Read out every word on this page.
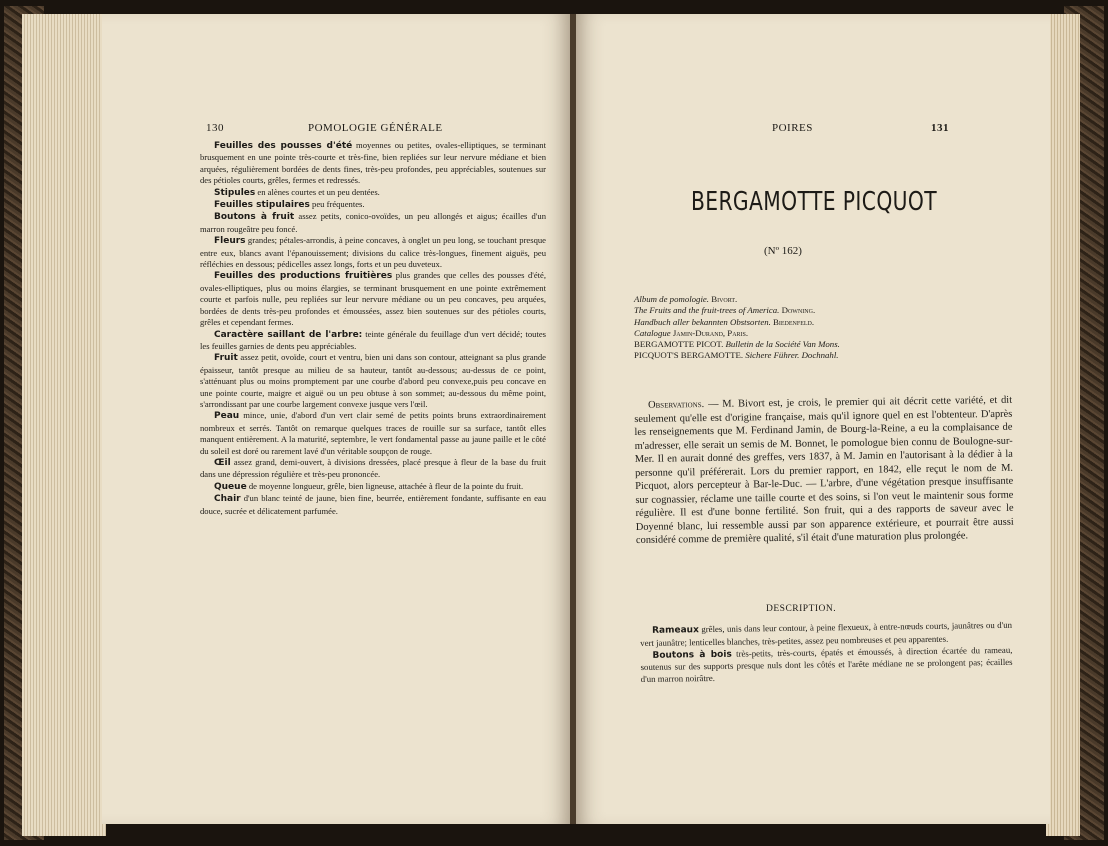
130	POMOLOGIE GÉNÉRALE

Feuilles des pousses d'été moyennes ou petites, ovales-elliptiques, se terminant brusquement en une pointe très-courte et très-fine, bien repliées sur leur nervure médiane et bien arquées, régulièrement bordées de dents fines, très-peu profondes, peu appréciables, soutenues sur des pétioles courts, grêles, fermes et redressés.

Stipules en alènes courtes et un peu dentées.

Feuilles stipulaires peu fréquentes.

Boutons à fruit assez petits, conico-ovoïdes, un peu allongés et aigus; écailles d'un marron rougeâtre peu foncé.

Fleurs grandes; pétales-arrondis, à peine concaves, à onglet un peu long, se touchant presque entre eux, blancs avant l'épanouissement; divisions du calice très-longues, finement aiguës, peu réfléchies en dessous; pédicelles assez longs, forts et un peu duveteux.

Feuilles des productions fruitières plus grandes que celles des pousses d'été, ovales-elliptiques, plus ou moins élargies, se terminant brusquement en une pointe extrêmement courte et parfois nulle, peu repliées sur leur nervure médiane ou un peu concaves, peu arquées, bordées de dents très-peu profondes et émoussées, assez bien soutenues sur des pétioles courts, grêles et cependant fermes.

Caractère saillant de l'arbre: teinte générale du feuillage d'un vert décidé; toutes les feuilles garnies de dents peu appréciables.

Fruit assez petit, ovoïde, court et ventru, bien uni dans son contour, atteignant sa plus grande épaisseur, tantôt presque au milieu de sa hauteur, tantôt au-dessous; au-dessus de ce point, s'atténuant plus ou moins promptement par une courbe d'abord peu convexe,puis peu concave en une pointe courte, maigre et aiguë ou un peu obtuse à son sommet; au-dessous du même point, s'arrondissant par une courbe largement convexe jusque vers l'œil.

Peau mince, unie, d'abord d'un vert clair semé de petits points bruns extraordinairement nombreux et serrés. Tantôt on remarque quelques traces de rouille sur sa surface, tantôt elles manquent entièrement. A la maturité, septembre, le vert fondamental passe au jaune paille et le côté du soleil est doré ou rarement lavé d'un véritable soupçon de rouge.

Œil assez grand, demi-ouvert, à divisions dressées, placé presque à fleur de la base du fruit dans une dépression régulière et très-peu prononcée.

Queue de moyenne longueur, grêle, bien ligneuse, attachée à fleur de la pointe du fruit.

Chair d'un blanc teinté de jaune, bien fine, beurrée, entièrement fondante, suffisante en eau douce, sucrée et délicatement parfumée.

POIRES	131
BERGAMOTTE PICQUOT
(Nº 162)
Album de pomologie. Bivort.
The Fruits and the fruit-trees of America. Downing.
Handbuch aller bekannten Obstsorten. Biedenfeld.
Catalogue Jamin-Durand, Paris.
BERGAMOTTE PICOT. Bulletin de la Société Van Mons.
PICQUOT'S BERGAMOTTE. Sichere Führer. Dochnahl.

Observations. — M. Bivort est, je crois, le premier qui ait décrit cette variété, et dit seulement qu'elle est d'origine française, mais qu'il ignore quel en est l'obtenteur. D'après les renseignements que M. Ferdinand Jamin, de Bourg-la-Reine, a eu la complaisance de m'adresser, elle serait un semis de M. Bonnet, le pomologue bien connu de Boulogne-sur-Mer. Il en aurait donné des greffes, vers 1837, à M. Jamin en l'autorisant à la dédier à la personne qu'il préférerait. Lors du premier rapport, en 1842, elle reçut le nom de M. Picquot, alors percepteur à Bar-le-Duc. — L'arbre, d'une végétation presque insuffisante sur cognassier, réclame une taille courte et des soins, si l'on veut le maintenir sous forme régulière. Il est d'une bonne fertilité. Son fruit, qui a des rapports de saveur avec le Doyenné blanc, lui ressemble aussi par son apparence extérieure, et pourrait être aussi considéré comme de première qualité, s'il était d'une maturation plus prolongée.

DESCRIPTION.

Rameaux grêles, unis dans leur contour, à peine flexueux, à entre-nœuds courts, jaunâtres ou d'un vert jaunâtre; lenticelles blanches, très-petites, assez peu nombreuses et peu apparentes.

Boutons à bois très-petits, très-courts, épatés et émoussés, à direction écartée du rameau, soutenus sur des supports presque nuls dont les côtés et l'arête médiane ne se prolongent pas; écailles d'un marron noirâtre.
